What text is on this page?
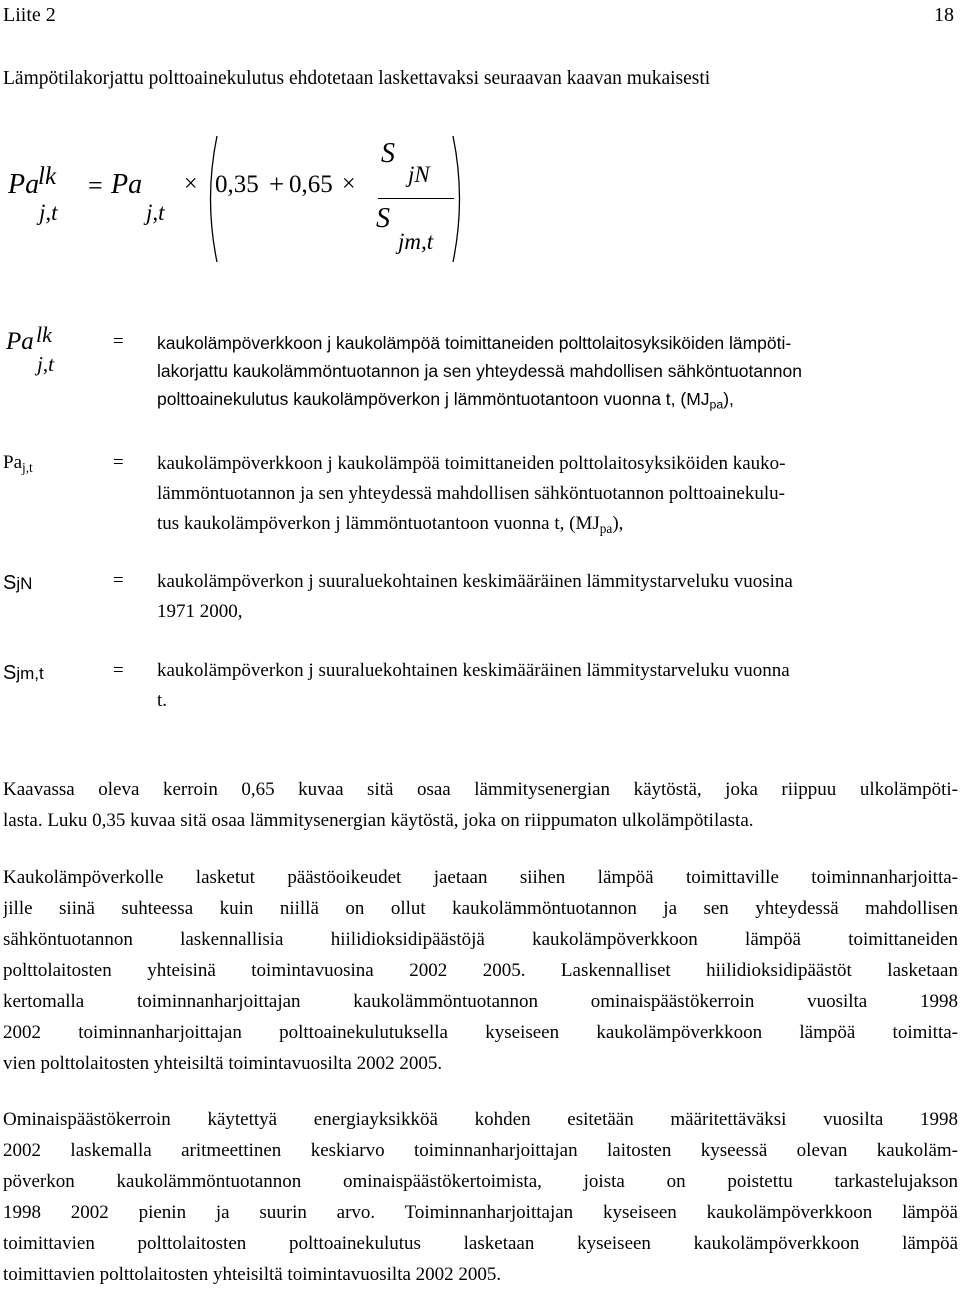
Liite 2	18
Lämpötilakorjattu polttoainekulutus ehdotetaan laskettavaksi seuraavan kaavan mukaisesti
Pa
lk
j,t
= Pa
j,t
× 0,35 + 0,65 ×
S
jN
S
jm,t
Pa lk
j,t
= kaukolämpöverkkoon j kaukolämpöä toimittaneiden polttolaitosyksiköiden lämpöti-
lakorjattu kaukolämmöntuotannon ja sen yhteydessä mahdollisen sähköntuotannon
polttoainekulutus kaukolämpöverkon j lämmöntuotantoon vuonna t, $(MJ_{pa})$,
$Pa_{j,t}$	= kaukolämpöverkkoon j kaukolämpöä toimittaneiden polttolaitosyksiköiden kauko-
lämmöntuotannon ja sen yhteydessä mahdollisen sähköntuotannon polttoainekulu-
tus kaukolämpöverkon j lämmöntuotantoon vuonna t, $(MJ_{pa})$,
SjN	= kaukolämpöverkon j suuraluekohtainen keskimääräinen lämmitystarveluku vuosina
1971 2000,
Sjm,t	= kaukolämpöverkon j suuraluekohtainen keskimääräinen lämmitystarveluku vuonna
t.
Kaavassa oleva kerroin 0,65 kuvaa sitä osaa lämmitysenergian käytöstä, joka riippuu ulkolämpöti-
lasta. Luku 0,35 kuvaa sitä osaa lämmitysenergian käytöstä, joka on riippumaton ulkolämpötilasta.
Kaukolämpöverkolle lasketut päästöoikeudet jaetaan siihen lämpöä toimittaville toiminnanharjoitta-
jille siinä suhteessa kuin niillä on ollut kaukolämmöntuotannon ja sen yhteydessä mahdollisen
sähköntuotannon laskennallisia hiilidioksidipäästöjä kaukolämpöverkkoon lämpöä toimittaneiden
polttolaitosten yhteisinä toimintavuosina 2002 2005. Laskennalliset hiilidioksidipäästöt lasketaan
kertomalla toiminnanharjoittajan kaukolämmöntuotannon ominaispäästökerroin vuosilta 1998
2002 toiminnanharjoittajan polttoainekulutuksella kyseiseen kaukolämpöverkkoon lämpöä toimitta-
vien polttolaitosten yhteisiltä toimintavuosilta 2002 2005.
Ominaispäästökerroin käytettyä energiayksikköä kohden esitetään määritettäväksi vuosilta 1998
2002 laskemalla aritmeettinen keskiarvo toiminnanharjoittajan laitosten kyseessä olevan kaukoläm-
pöverkon kaukolämmöntuotannon ominaispäästökertoimista, joista on poistettu tarkastelujakson
1998 2002 pienin ja suurin arvo. Toiminnanharjoittajan kyseiseen kaukolämpöverkkoon lämpöä
toimittavien polttolaitosten polttoainekulutus lasketaan kyseiseen kaukolämpöverkkoon lämpöä
toimittavien polttolaitosten yhteisiltä toimintavuosilta 2002 2005.
